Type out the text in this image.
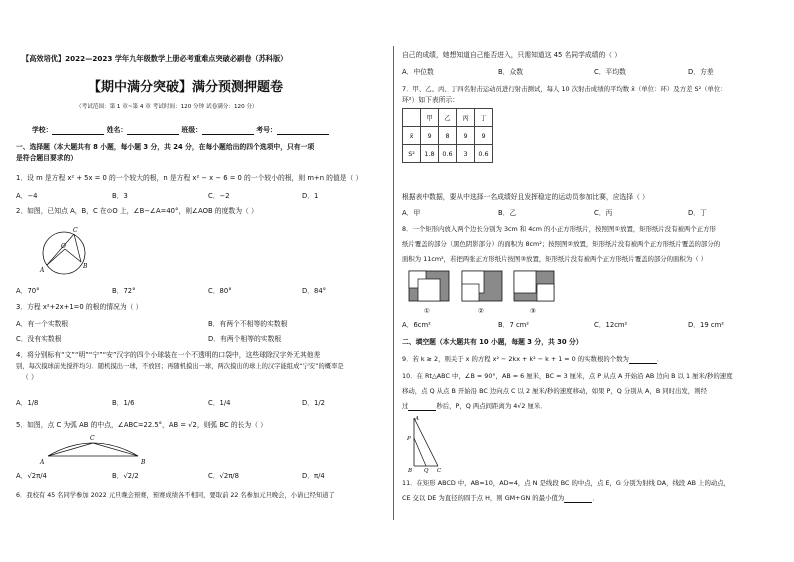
【高效培优】2022—2023 学年九年级数学上册必考重难点突破必刷卷（苏科版）
【期中满分突破】满分预测押题卷
（考试范围：第 1 章~第 4 章 考试时间：120 分钟 试卷满分：120 分）
学校：	姓名：	班级：	考号：
一、选择题（本大题共有 8 小题，每小题 3 分，共 24 分，在每小题给出的四个选项中，只有一项
是符合题目要求的）
1．设 m 是方程 x² + 5x = 0 的一个较大的根，n 是方程 x² − x − 6 = 0 的一个较小的根，则 m+n 的值是（ ）
A．−4	B．3	C．−2	D．1
2．如图，已知点 A，B，C 在⊙O 上，∠B−∠A=40°，则∠AOB 的度数为（ ）
O
A
B
C
A．70°	B．72°	C．80°	D．84°
3．方程 x²+2x+1=0 的根的情况为（ ）
A．有一个实数根	B．有两个不相等的实数根
C．没有实数根	D．有两个相等的实数根
4．将分别标有“文”“明”“宁”“安”汉字的四个小球装在一个不透明的口袋中，这些球除汉字外无其他差
别，每次摸球前先搅拌均匀．随机摸出一球，不放回；再随机摸出一球，两次摸出的球上的汉字能组成“宁安”的概率是
（ ）
A．1/8	B．1/6	C．1/4	D．1/2
5．如图，点 C 为弧 AB 的中点，∠ABC=22.5°，AB = √2，则弧 BC 的长为（ ）
C
A	B
A．√2π/4	B．√2/2	C．√2π/8	D．π/4
6．我校有 45 名同学参加 2022 元旦晚会预赛，预赛成绩各不相同，要取前 22 名参加元旦晚会，小请已经知道了
自己的成绩，她想知道自己能否进入，只需知道这 45 名同学成绩的（ ）
A．中位数	B．众数	C．平均数	D．方差
7．甲、乙、丙、丁四名射击运动员进行射击测试，每人 10 次射击成绩的平均数 x̄（单位：环）及方差 S²（单位：
环²）如下表所示：
	甲	乙	丙	丁
x̄	9	8	9	9
S²	1.8	0.6	3	0.6
根据表中数据，要从中选择一名成绩好且发挥稳定的运动员参加比赛，应选择（ ）
A．甲	B．乙	C．丙	D．丁
8．一个矩形内放入两个边长分别为 3cm 和 4cm 的小正方形纸片，按照图①放置，矩形纸片没有被两个正方形
纸片覆盖的部分（黑色阴影部分）的面积为 8cm²；按照图②放置，矩形纸片没有被两个正方形纸片覆盖的部分的
面积为 11cm²，若把两张正方形纸片按图③放置，矩形纸片没有被两个正方形纸片覆盖的部分的面积为（ ）
①	②	③
A．6cm²	B．7 cm²	C．12cm²	D．19 cm²
二、填空题（本大题共有 10 小题，每题 3 分，共 30 分）
9．若 k ≥ 2，则关于 x 的方程 x² − 2kx + k² − k + 1 = 0 的实数根的个数为	．
10．在 Rt△ABC 中，∠B = 90°，AB = 6 厘米，BC = 3 厘米，点 P 从点 A 开始沿 AB 边向 B 以 1 厘米/秒的速度
移动，点 Q 从点 B 开始沿 BC 边向点 C 以 2 厘米/秒的速度移动，如果 P，Q 分别从 A，B 同时出发，则经
过	秒后，P，Q 两点间距离为 4√2 厘米．
A
P
B Q C
11．在矩形 ABCD 中，AB=10，AD=4，点 N 是线段 BC 的中点，点 E，G 分别为射线 DA，线段 AB 上的动点，
CE 交以 DE 为直径的圆于点 H，则 GM+GN 的最小值为	．
